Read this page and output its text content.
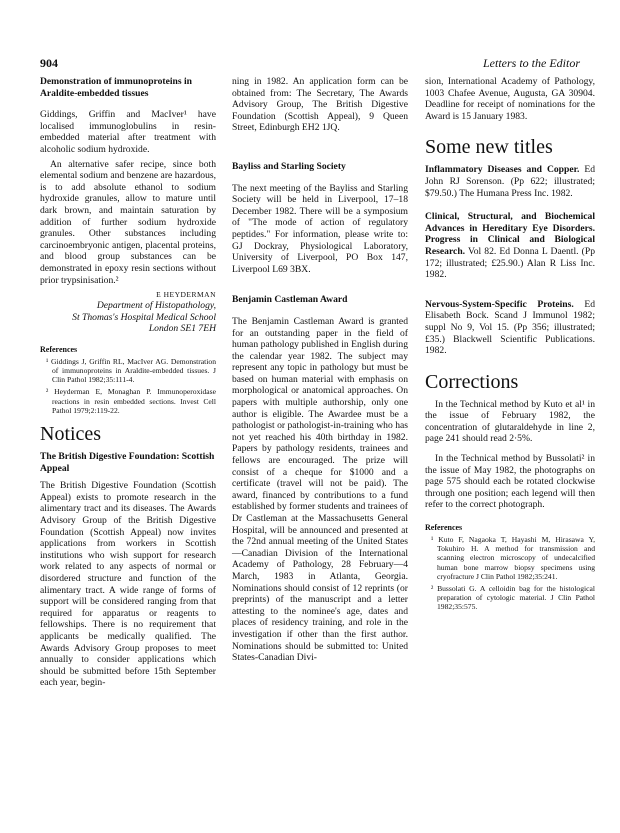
904	Letters to the Editor
Demonstration of immunoproteins in Araldite-embedded tissues

Giddings, Griffin and MacIver¹ have localised immunoglobulins in resin-embedded material after treatment with alcoholic sodium hydroxide.

An alternative safer recipe, since both elemental sodium and benzene are hazardous, is to add absolute ethanol to sodium hydroxide granules, allow to mature until dark brown, and maintain saturation by addition of further sodium hydroxide granules. Other substances including carcinoembryonic antigen, placental proteins, and blood group substances can be demonstrated in epoxy resin sections without prior trypsinisation.²

E HEYDERMAN
Department of Histopathology,
St Thomas's Hospital Medical School
London SE1 7EH
References
¹ Giddings J, Griffin RL, MacIver AG. Demonstration of immunoproteins in Araldite-embedded tissues. J Clin Pathol 1982;35:111-4.
² Heyderman E, Monaghan P. Immunoperoxidase reactions in resin embedded sections. Invest Cell Pathol 1979;2:119-22.
Notices
The British Digestive Foundation: Scottish Appeal

The British Digestive Foundation (Scottish Appeal) exists to promote research in the alimentary tract and its diseases. The Awards Advisory Group of the British Digestive Foundation (Scottish Appeal) now invites applications from workers in Scottish institutions who wish support for research work related to any aspects of normal or disordered structure and function of the alimentary tract. A wide range of forms of support will be considered ranging from that required for apparatus or reagents to fellowships. There is no requirement that applicants be medically qualified. The Awards Advisory Group proposes to meet annually to consider applications which should be submitted before 15th September each year, begin-

ning in 1982. An application form can be obtained from: The Secretary, The Awards Advisory Group, The British Digestive Foundation (Scottish Appeal), 9 Queen Street, Edinburgh EH2 1JQ.

Bayliss and Starling Society

The next meeting of the Bayliss and Starling Society will be held in Liverpool, 17–18 December 1982. There will be a symposium of "The mode of action of regulatory peptides." For information, please write to: GJ Dockray, Physiological Laboratory, University of Liverpool, PO Box 147, Liverpool L69 3BX.

Benjamin Castleman Award

The Benjamin Castleman Award is granted for an outstanding paper in the field of human pathology published in English during the calendar year 1982. The subject may represent any topic in pathology but must be based on human material with emphasis on morphological or anatomical approaches. On papers with multiple authorship, only one author is eligible. The Awardee must be a pathologist or pathologist-in-training who has not yet reached his 40th birthday in 1982. Papers by pathology residents, trainees and fellows are encouraged. The prize will consist of a cheque for $1000 and a certificate (travel will not be paid). The award, financed by contributions to a fund established by former students and trainees of Dr Castleman at the Massachusetts General Hospital, will be announced and presented at the 72nd annual meeting of the United States—Canadian Division of the International Academy of Pathology, 28 February—4 March, 1983 in Atlanta, Georgia. Nominations should consist of 12 reprints (or preprints) of the manuscript and a letter attesting to the nominee's age, dates and places of residency training, and role in the investigation if other than the first author. Nominations should be submitted to: United States-Canadian Divi-

sion, International Academy of Pathology, 1003 Chafee Avenue, Augusta, GA 30904. Deadline for receipt of nominations for the Award is 15 January 1983.

Some new titles
Inflammatory Diseases and Copper. Ed John RJ Sorenson. (Pp 622; illustrated; $79.50.) The Humana Press Inc. 1982.
Clinical, Structural, and Biochemical Advances in Hereditary Eye Disorders. Progress in Clinical and Biological Research. Vol 82. Ed Donna L Daentl. (Pp 172; illustrated; £25.90.) Alan R Liss Inc. 1982.
Nervous-System-Specific Proteins. Ed Elisabeth Bock. Scand J Immunol 1982; suppl No 9, Vol 15. (Pp 356; illustrated; £35.) Blackwell Scientific Publications. 1982.
Corrections

In the Technical method by Kuto et al¹ in the issue of February 1982, the concentration of glutaraldehyde in line 2, page 241 should read 2·5%.

In the Technical method by Bussolati² in the issue of May 1982, the photographs on page 575 should each be rotated clockwise through one position; each legend will then refer to the correct photograph.

References
¹ Kuto F, Nagaoka T, Hayashi M, Hirasawa Y, Tokuhiro H. A method for transmission and scanning electron microscopy of undecalcified human bone marrow biopsy specimens using cryofracture J Clin Pathol 1982;35:241.
² Bussolati G. A celloidin bag for the histological preparation of cytologic material. J Clin Pathol 1982;35:575.
